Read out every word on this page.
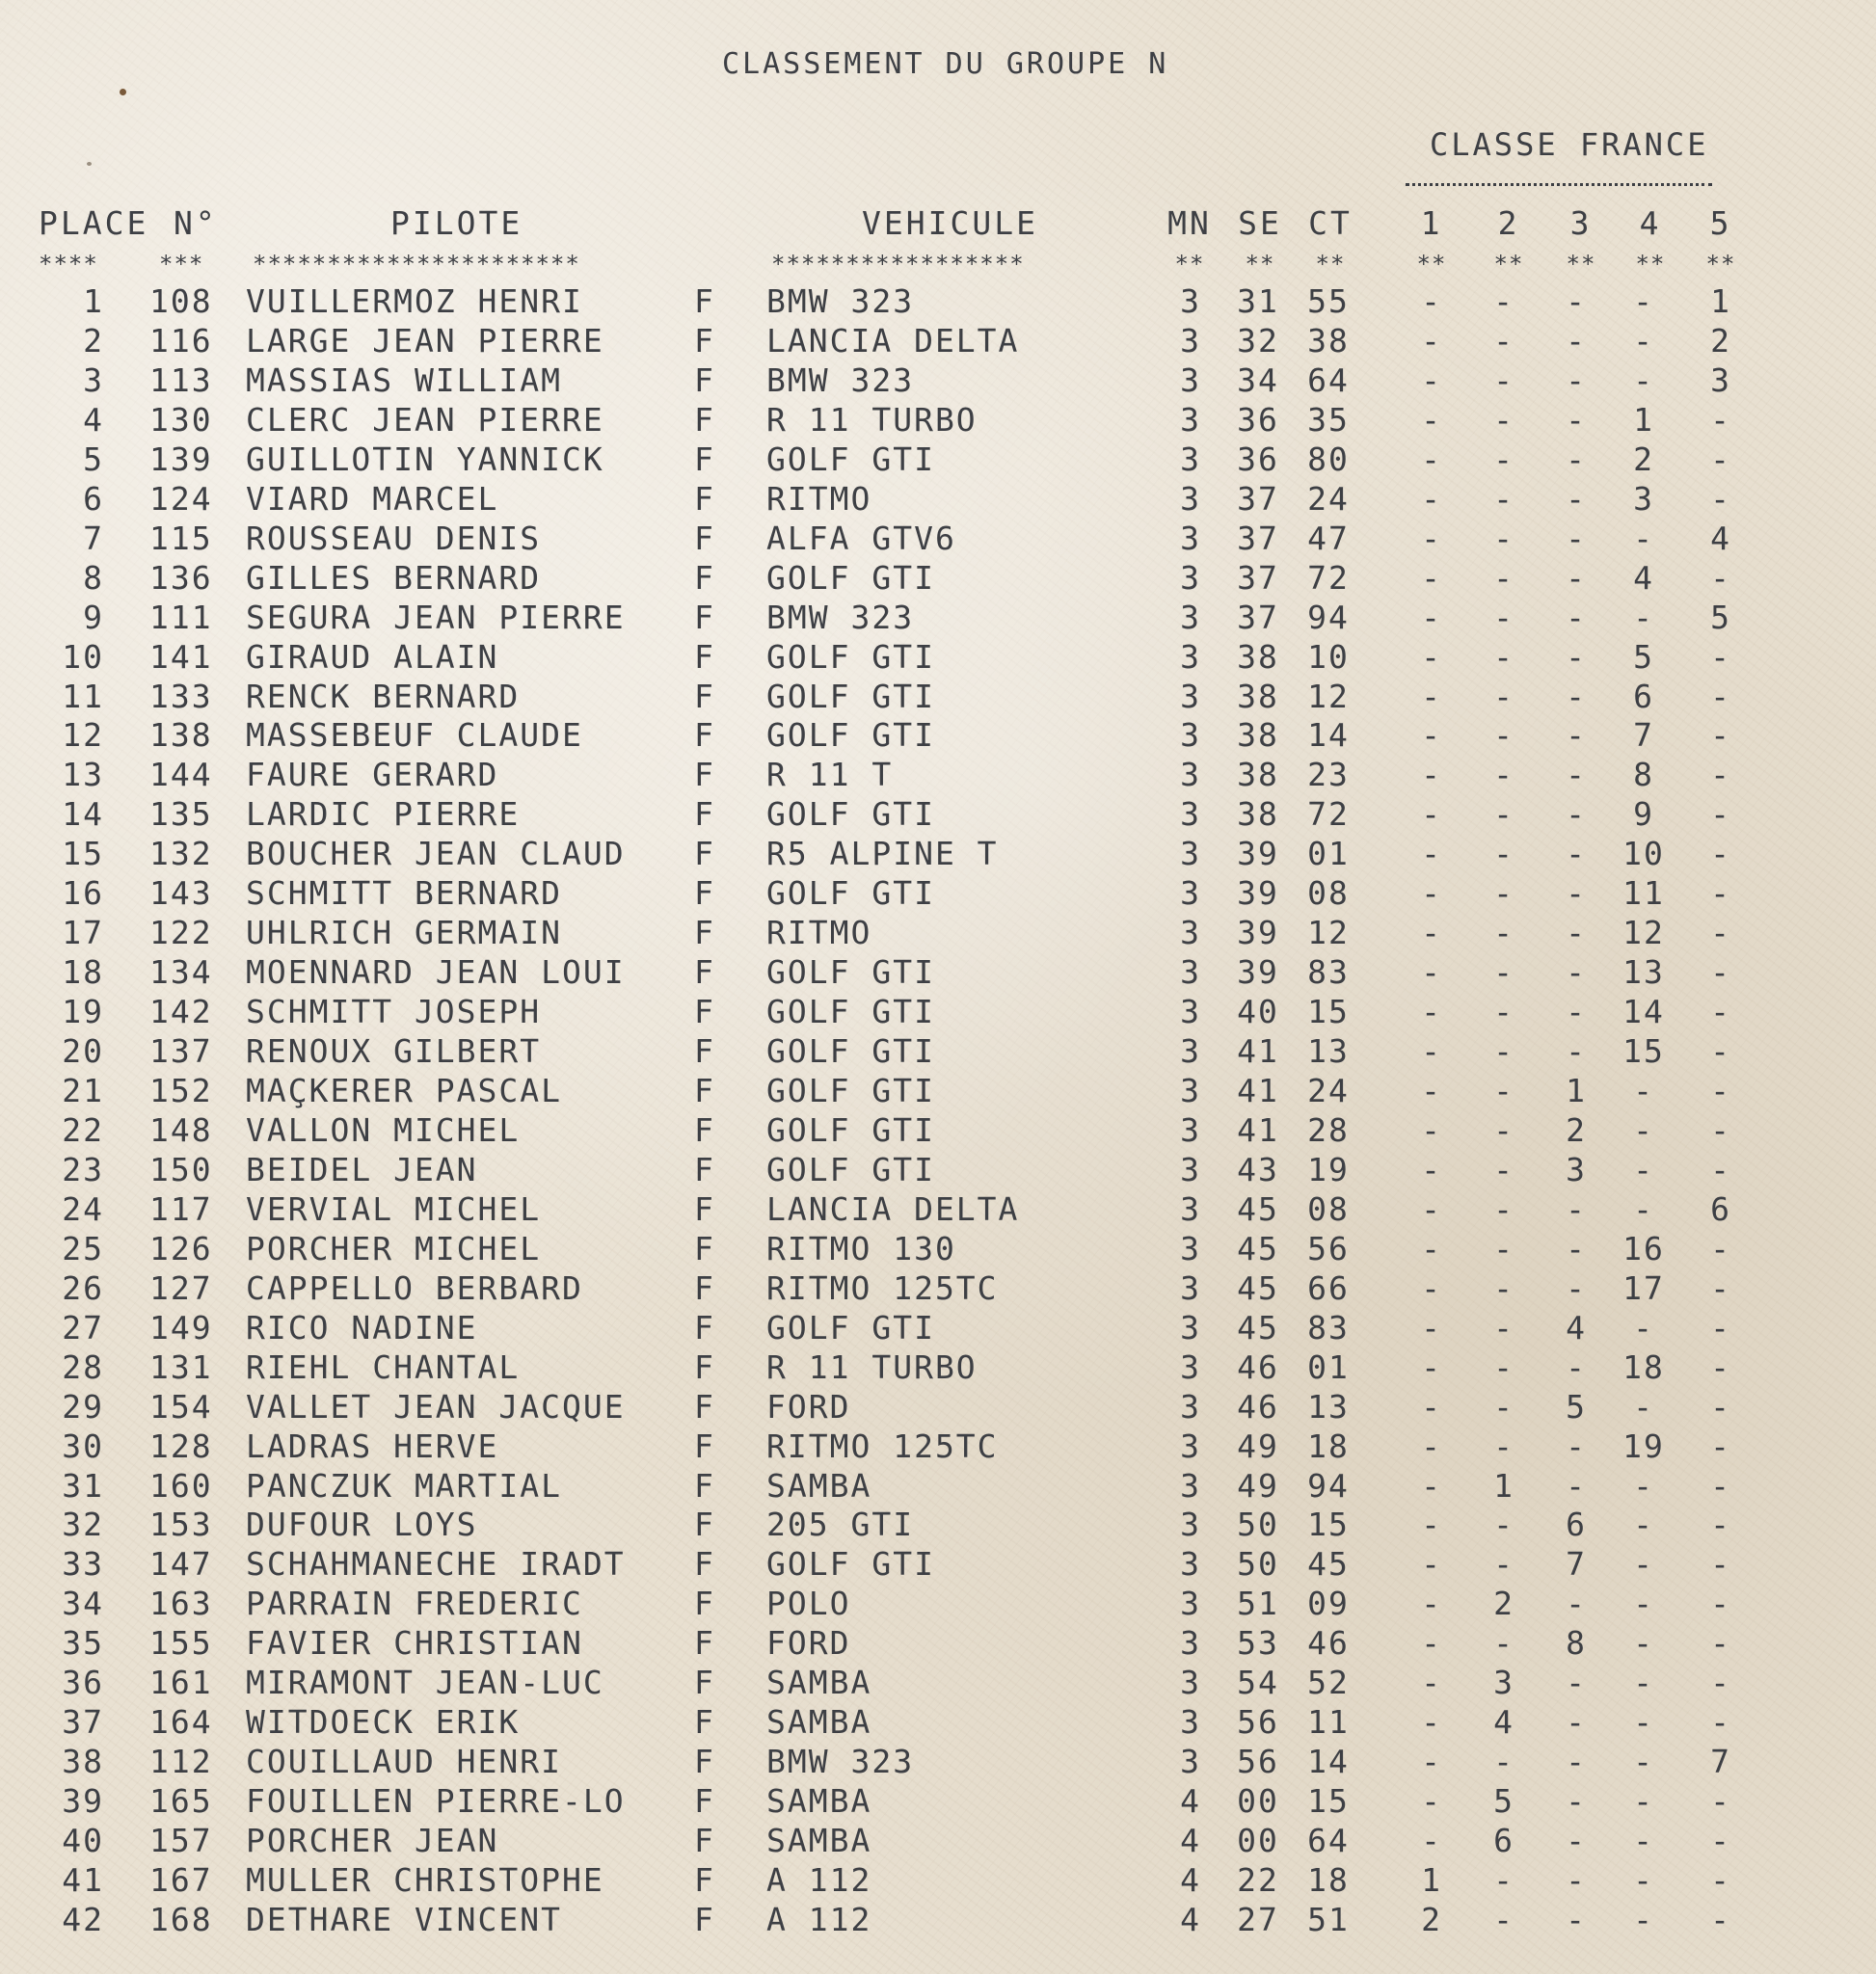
CLASSEMENT DU GROUPE N
CLASSE FRANCE
PLACE N°	PILOTE	VEHICULE	MN SE CT 1 2 3 4 5
****	*** **********************	*****************	**	**	**	** ** ** ** **
1 108	VUILLERMOZ HENRI	F BMW 323	3 31 55 - - -	-	1
2 116	LARGE JEAN PIERRE	F LANCIA DELTA	3 32 38 - - -	-	2
3 113	MASSIAS WILLIAM	F BMW 323	3 34 64 - - -	-	3
4 130	CLERC JEAN PIERRE	F R 11 TURBO	3 36 35 - - -	1	-
5 139	GUILLOTIN YANNICK	F GOLF GTI	3 36 80 - - -	2	-
6 124	VIARD MARCEL	F RITMO	3 37 24 - - -	3	-
7 115	ROUSSEAU DENIS	F ALFA GTV6	3 37 47 - - -	-	4
8 136	GILLES BERNARD	F GOLF GTI	3 37 72 - - -	4	-
9 111	SEGURA JEAN PIERRE	F BMW 323	3 37 94 - - -	-	5
10 141	GIRAUD ALAIN	F GOLF GTI	3 38 10 - - -	5	-
11 133	RENCK BERNARD	F GOLF GTI	3 38 12 - - -	6	-
12 138	MASSEBEUF CLAUDE	F GOLF GTI	3 38 14 - - -	7	-
13 144	FAURE GERARD	F R 11 T	3 38 23 - - -	8	-
14 135	LARDIC PIERRE	F GOLF GTI	3 38 72 - - -	9	-
15 132	BOUCHER JEAN CLAUD	F R5 ALPINE T	3 39 01 - - -	10	-
16 143	SCHMITT BERNARD	F GOLF GTI	3 39 08 - - -	11	-
17 122	UHLRICH GERMAIN	F RITMO	3 39 12 - - -	12	-
18 134	MOENNARD JEAN LOUI	F GOLF GTI	3 39 83 - - -	13	-
19 142	SCHMITT JOSEPH	F GOLF GTI	3 40 15 - - -	14	-
20 137	RENOUX GILBERT	F GOLF GTI	3 41 13 - - -	15	-
21 152	MAÇKERER PASCAL	F GOLF GTI	3 41 24 - - 1	-	-
22 148	VALLON MICHEL	F GOLF GTI	3 41 28 - - 2	-	-
23 150	BEIDEL JEAN	F GOLF GTI	3 43 19 - - 3	-	-
24 117	VERVIAL MICHEL	F LANCIA DELTA	3 45 08 - - -	-	6
25 126	PORCHER MICHEL	F RITMO 130	3 45 56 - - -	16	-
26 127	CAPPELLO BERBARD	F RITMO 125TC	3 45 66 - - -	17	-
27 149	RICO NADINE	F GOLF GTI	3 45 83 - - 4	-	-
28 131	RIEHL CHANTAL	F R 11 TURBO	3 46 01 - - -	18	-
29 154	VALLET JEAN JACQUE	F FORD	3 46 13 - - 5	-	-
30 128	LADRAS HERVE	F RITMO 125TC	3 49 18 - - -	19	-
31 160	PANCZUK MARTIAL	F SAMBA	3 49 94 - 1 -	-	-
32 153	DUFOUR LOYS	F 205 GTI	3 50 15 - - 6	-	-
33 147	SCHAHMANECHE IRADT	F GOLF GTI	3 50 45 - - 7	-	-
34 163	PARRAIN FREDERIC	F POLO	3 51 09 - 2 -	-	-
35 155	FAVIER CHRISTIAN	F FORD	3 53 46 - - 8	-	-
36 161	MIRAMONT JEAN-LUC	F SAMBA	3 54 52 - 3 -	-	-
37 164	WITDOECK ERIK	F SAMBA	3 56 11 - 4 -	-	-
38 112	COUILLAUD HENRI	F BMW 323	3 56 14 - - -	-	7
39 165	FOUILLEN PIERRE-LO	F SAMBA	4 00 15 - 5 -	-	-
40 157	PORCHER JEAN	F SAMBA	4 00 64 - 6 -	-	-
41 167	MULLER CHRISTOPHE	F A 112	4 22 18 1 - -	-	-
42 168	DETHARE VINCENT	F A 112	4 27 51 2 - -	-	-
